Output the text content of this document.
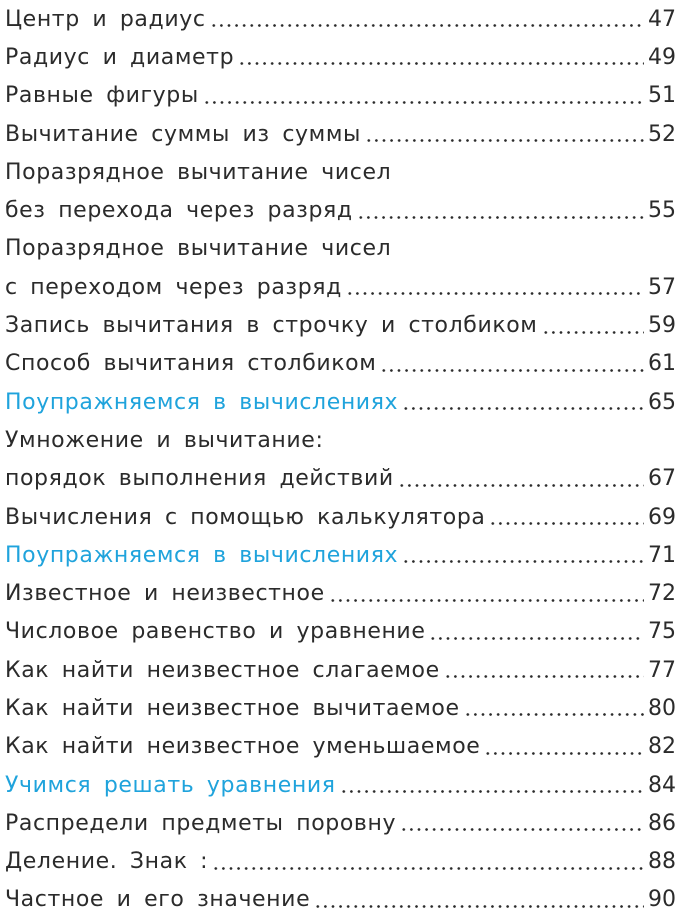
Центр и радиус	47
Радиус и диаметр	49
Равные фигуры	51
Вычитание суммы из суммы	52
Поразрядное вычитание чисел
без перехода через разряд	55
Поразрядное вычитание чисел
с переходом через разряд	57
Запись вычитания в строчку и столбиком	59
Способ вычитания столбиком	61
Поупражняемся в вычислениях	65
Умножение и вычитание:
порядок выполнения действий	67
Вычисления с помощью калькулятора	69
Поупражняемся в вычислениях	71
Известное и неизвестное	72
Числовое равенство и уравнение	75
Как найти неизвестное слагаемое	77
Как найти неизвестное вычитаемое	80
Как найти неизвестное уменьшаемое	82
Учимся решать уравнения	84
Распредели предметы поровну	86
Деление. Знак :	88
Частное и его значение	90
